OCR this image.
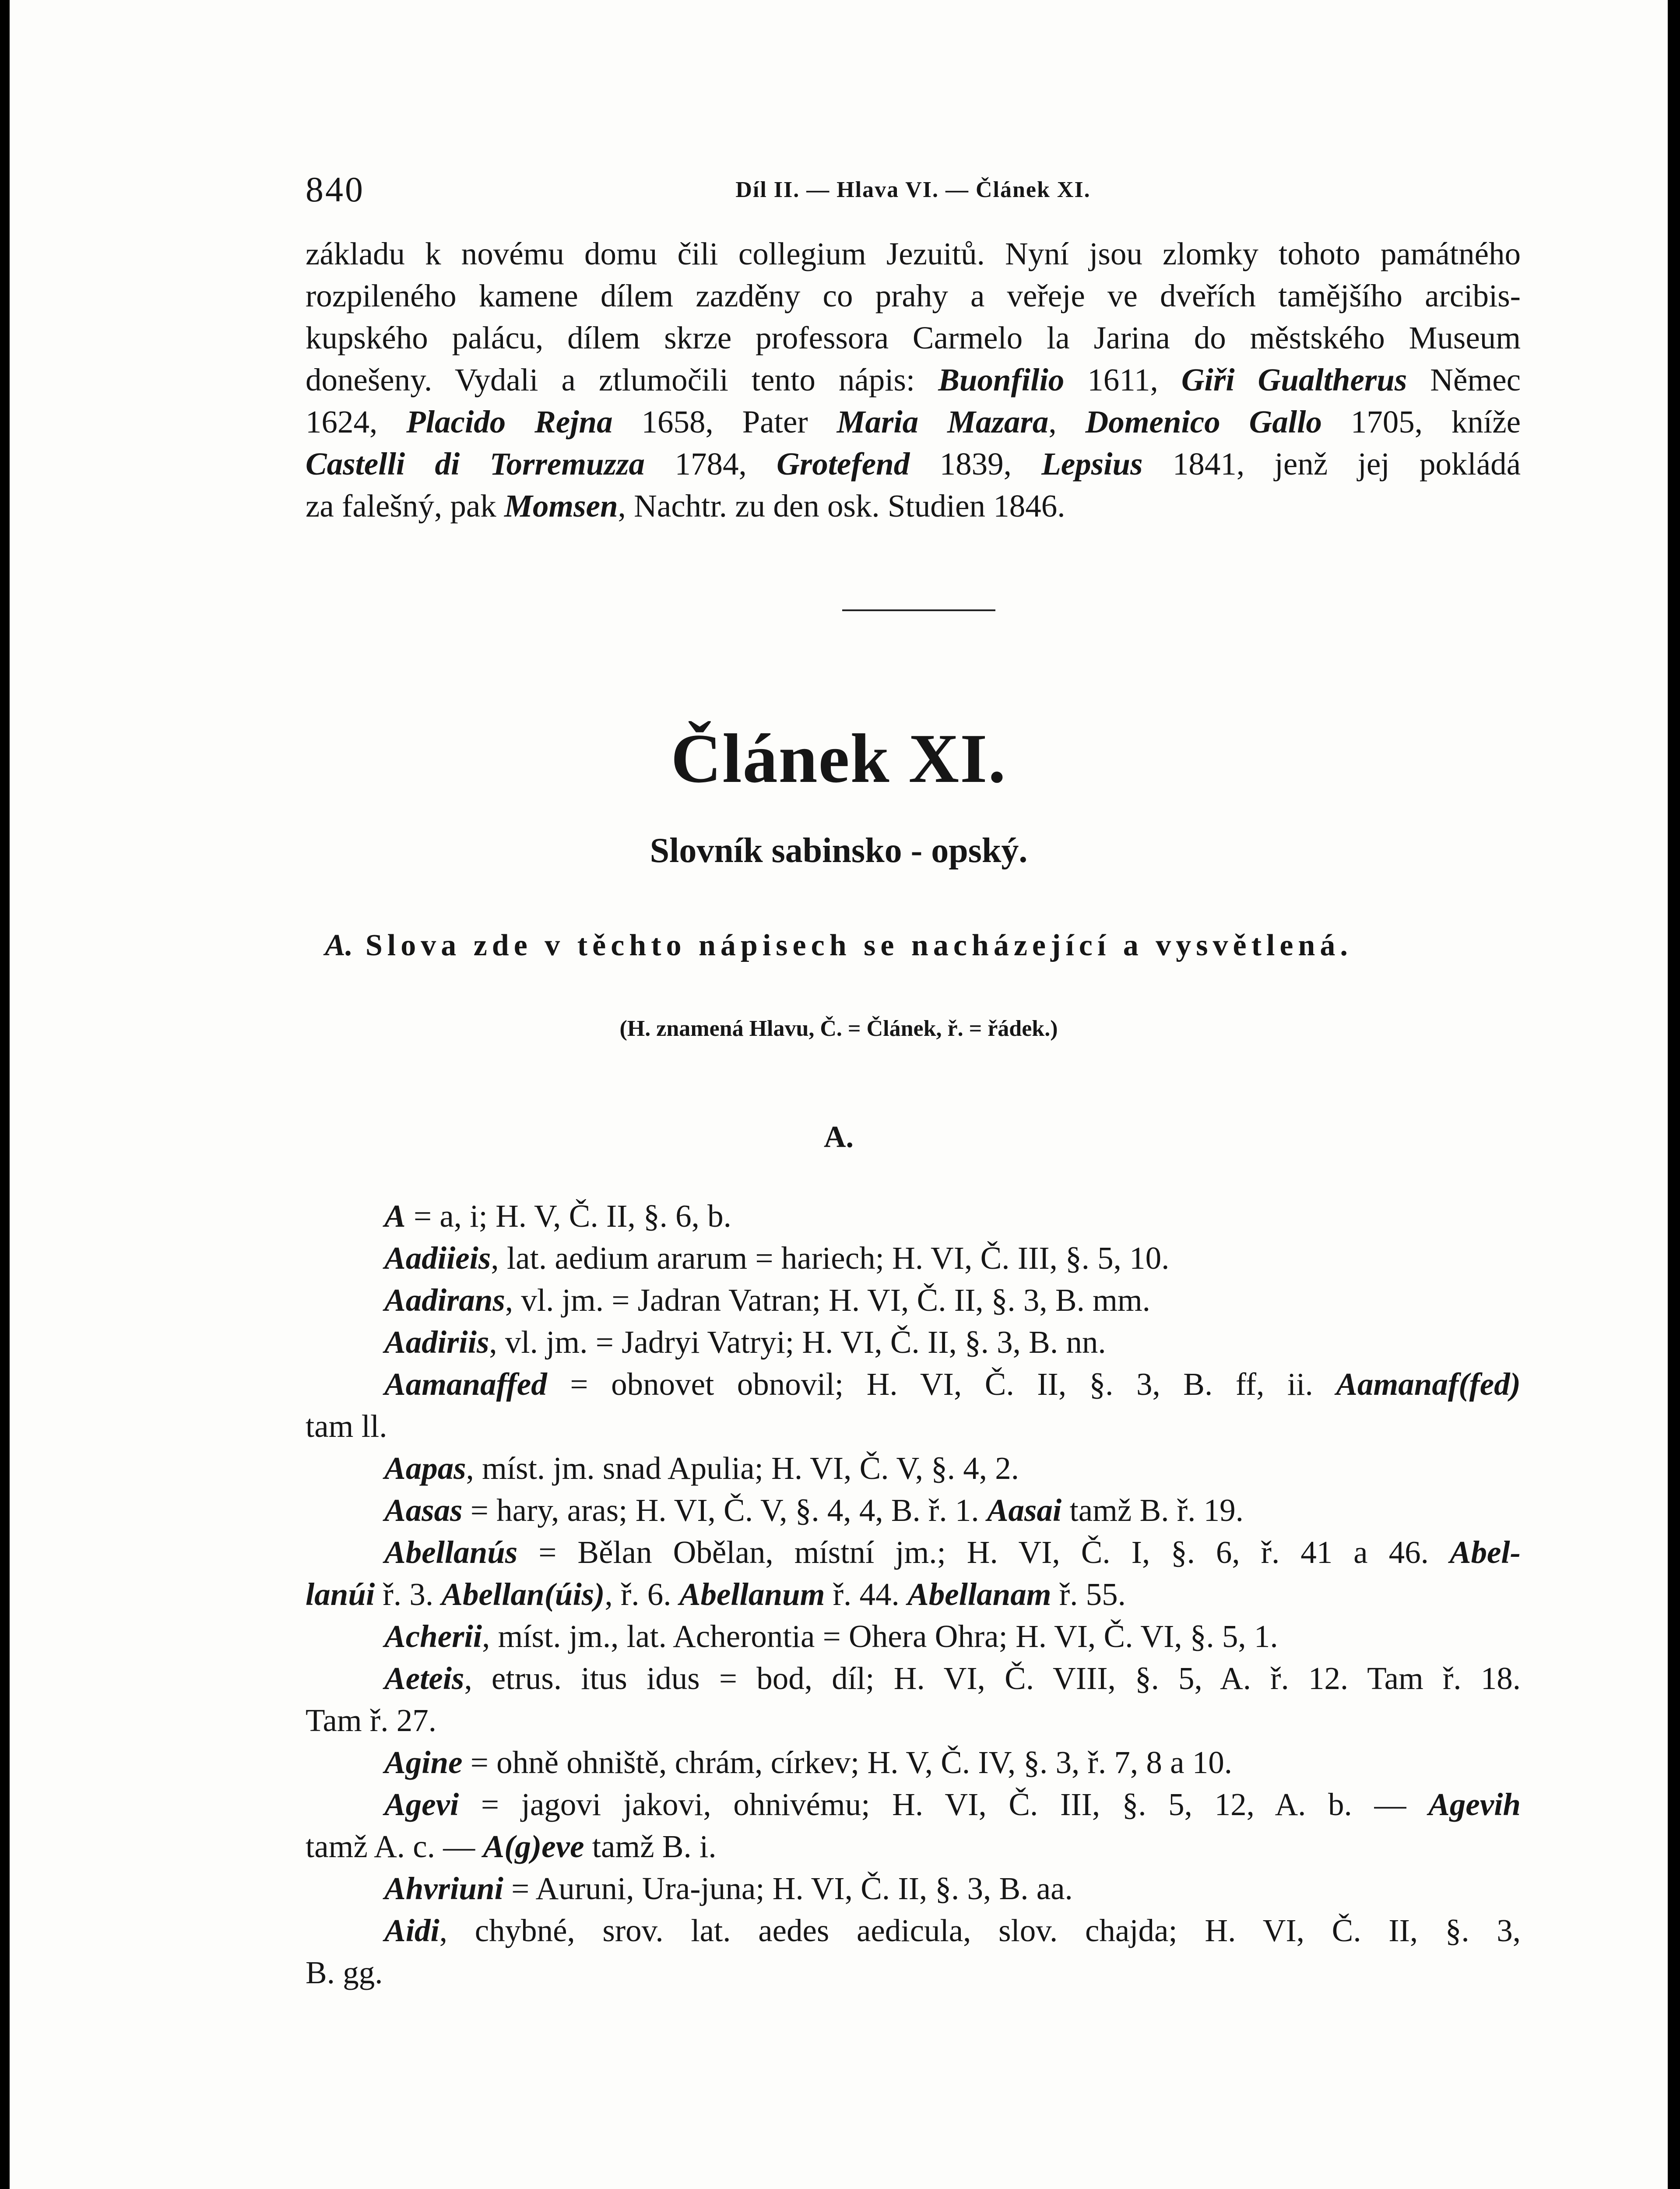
840	Díl II. — Hlava VI. — Článek XI.
základu k novému domu čili collegium Jezuitů. Nyní jsou zlomky tohoto památného
rozpileného kamene dílem zazděny co prahy a veřeje ve dveřích tamějšího arcibis-
kupského palácu, dílem skrze professora Carmelo la Jarina do městského Museum
donešeny. Vydali a ztlumočili tento nápis: Buonfilio 1611, Giři Gualtherus Němec
1624, Placido Rejna 1658, Pater Maria Mazara, Domenico Gallo 1705, kníže
Castelli di Torremuzza 1784, Grotefend 1839, Lepsius 1841, jenž jej pokládá
za falešný, pak Momsen, Nachtr. zu den osk. Studien 1846.
Článek XI.
Slovník sabinsko - opský.
A. Slova zde v těchto nápisech se nacházející a vysvětlená.
(H. znamená Hlavu, Č. = Článek, ř. = řádek.)
A.
A = a, i; H. V, Č. II, §. 6, b.
Aadiieis, lat. aedium ararum = hariech; H. VI, Č. III, §. 5, 10.
Aadirans, vl. jm. = Jadran Vatran; H. VI, Č. II, §. 3, B. mm.
Aadiriis, vl. jm. = Jadryi Vatryi; H. VI, Č. II, §. 3, B. nn.
Aamanaffed = obnovet obnovil; H. VI, Č. II, §. 3, B. ff, ii. Aamanaf(fed)
tam ll.
Aapas, míst. jm. snad Apulia; H. VI, Č. V, §. 4, 2.
Aasas = hary, aras; H. VI, Č. V, §. 4, 4, B. ř. 1. Aasai tamž B. ř. 19.
Abellanús = Bělan Obělan, místní jm.; H. VI, Č. I, §. 6, ř. 41 a 46. Abel-
lanúi ř. 3. Abellan(úis), ř. 6. Abellanum ř. 44. Abellanam ř. 55.
Acherii, míst. jm., lat. Acherontia = Ohera Ohra; H. VI, Č. VI, §. 5, 1.
Aeteis, etrus. itus idus = bod, díl; H. VI, Č. VIII, §. 5, A. ř. 12. Tam ř. 18.
Tam ř. 27.
Agine = ohně ohniště, chrám, církev; H. V, Č. IV, §. 3, ř. 7, 8 a 10.
Agevi = jagovi jakovi, ohnivému; H. VI, Č. III, §. 5, 12, A. b. — Agevih
tamž A. c. — A(g)eve tamž B. i.
Ahvriuni = Auruni, Ura-juna; H. VI, Č. II, §. 3, B. aa.
Aidi, chybné, srov. lat. aedes aedicula, slov. chajda; H. VI, Č. II, §. 3,
B. gg.
